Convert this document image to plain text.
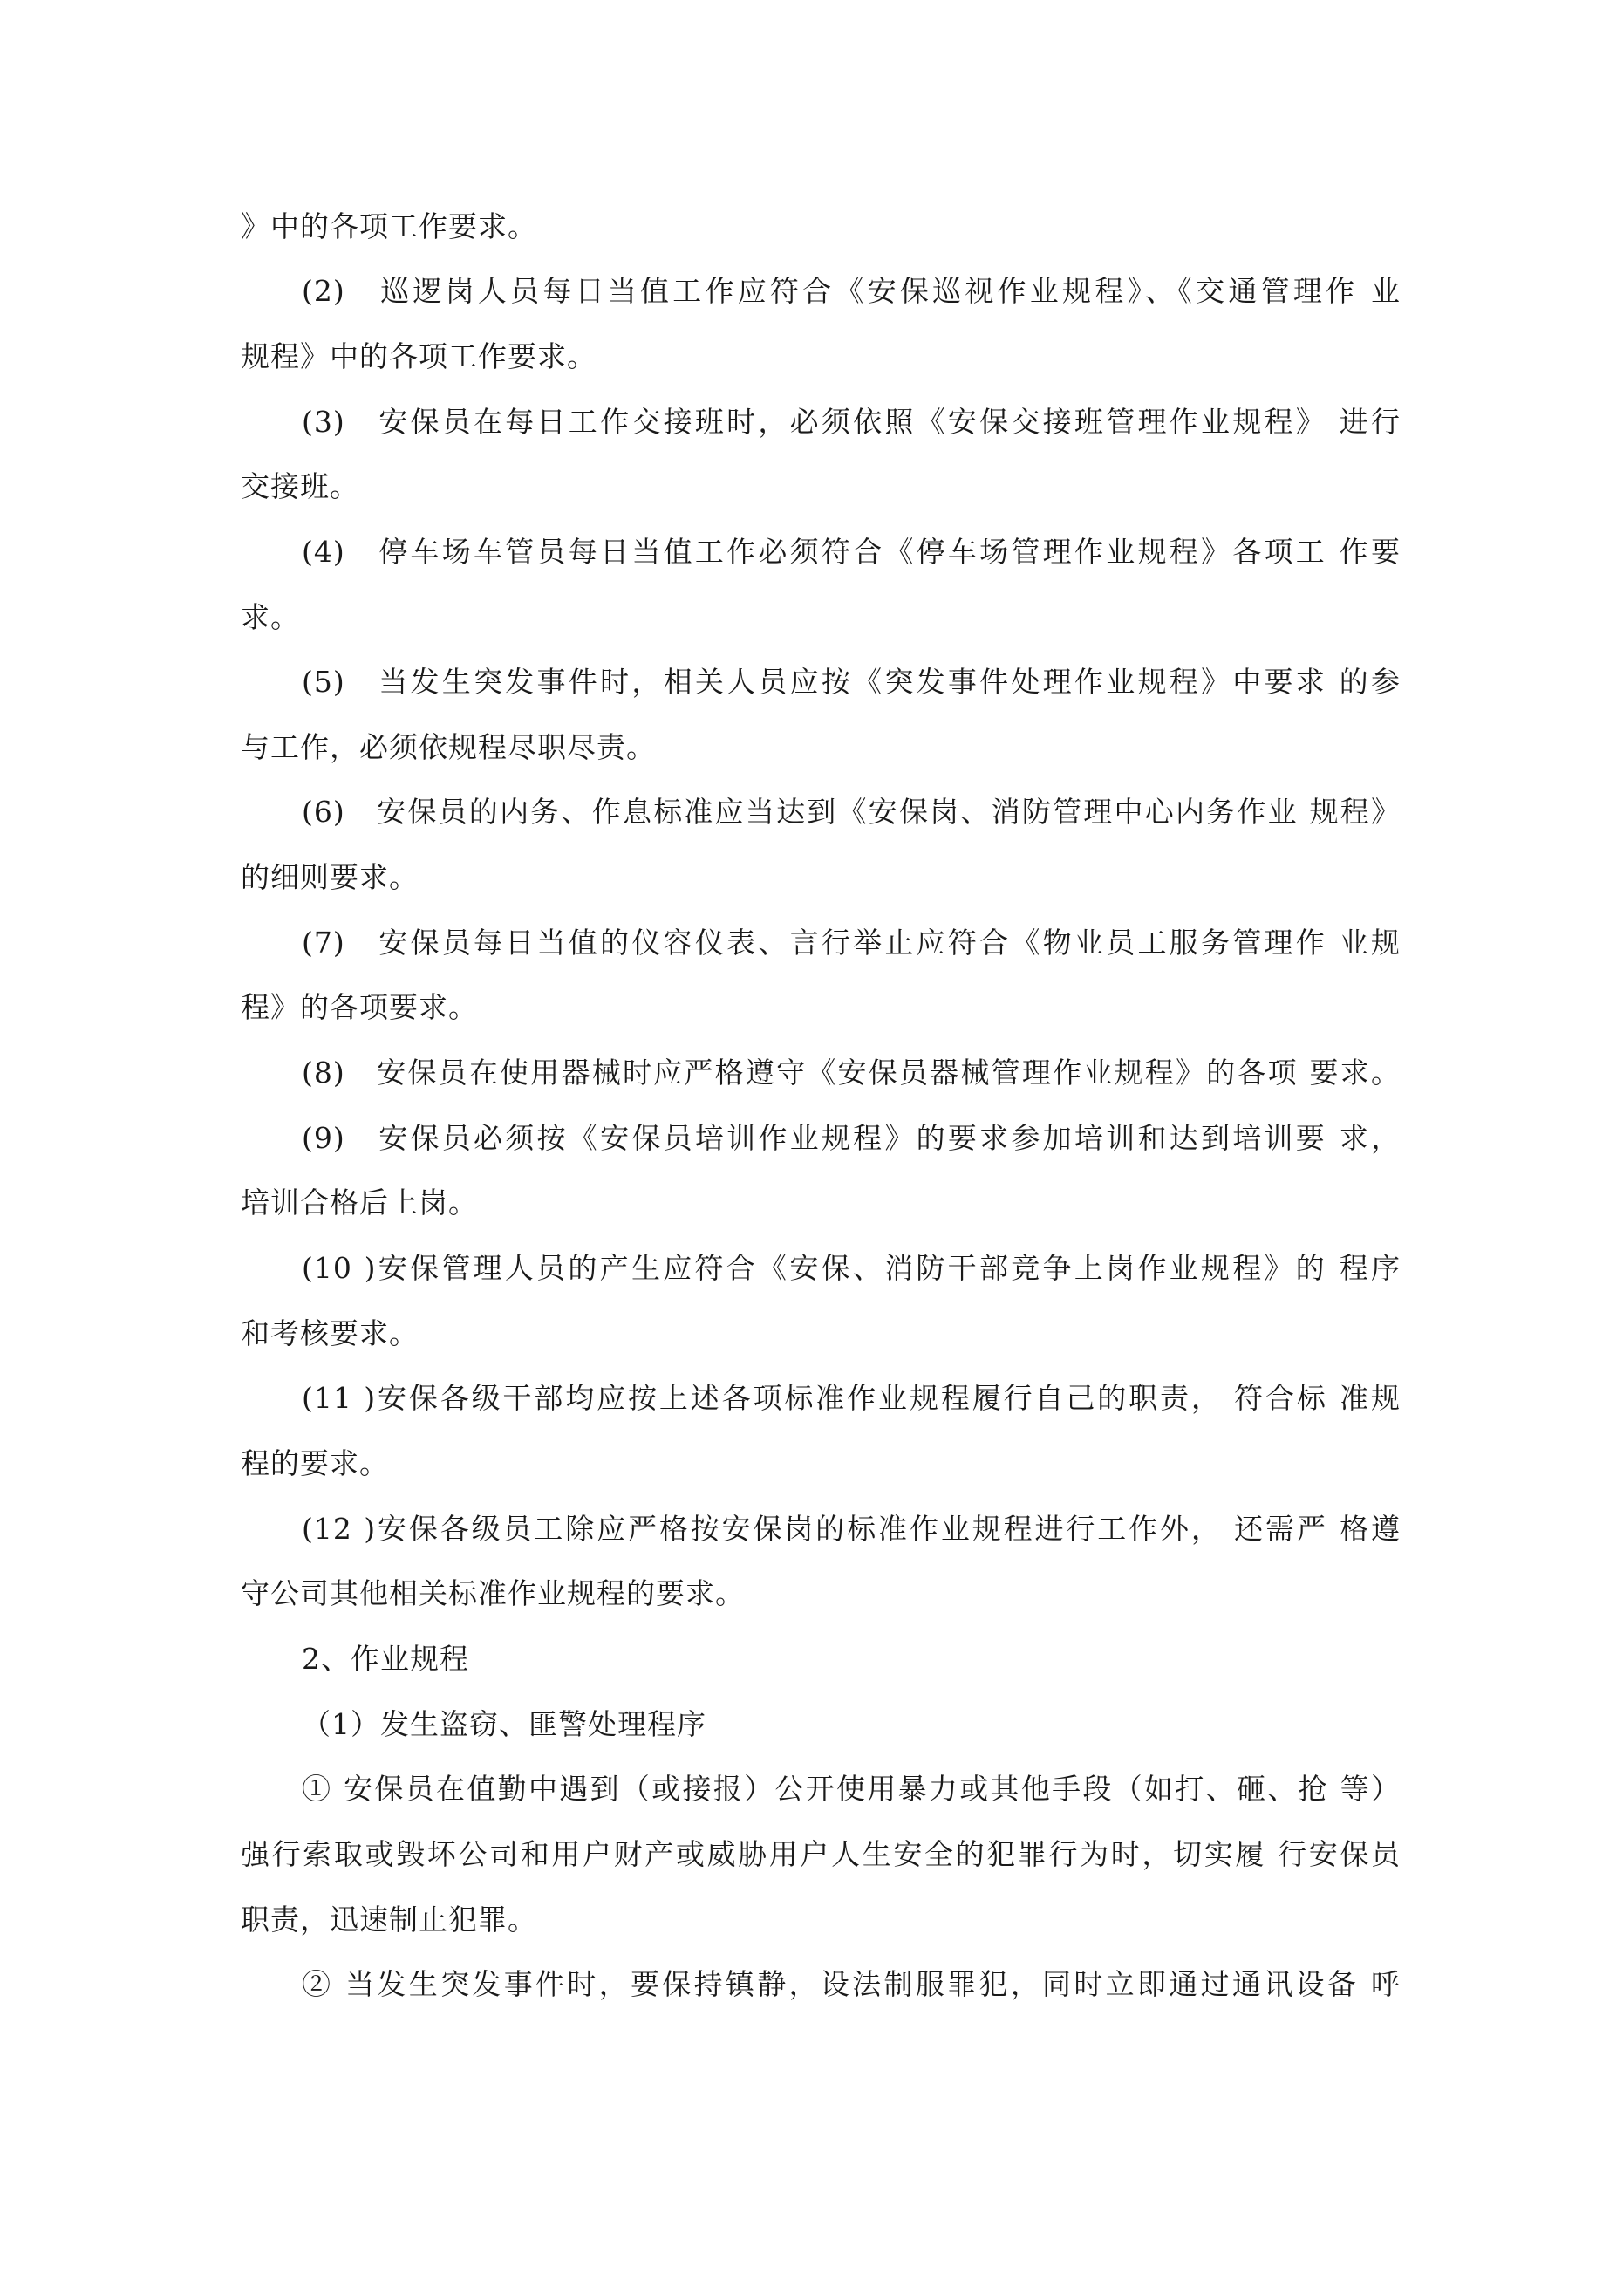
》中的各项工作要求。
(2)　巡逻岗人员每日当值工作应符合《安保巡视作业规程》、《交通管理作 业
规程》中的各项工作要求。
(3)　安保员在每日工作交接班时，必须依照《安保交接班管理作业规程》 进行
交接班。
(4)　停车场车管员每日当值工作必须符合《停车场管理作业规程》各项工 作要
求。
(5)　当发生突发事件时，相关人员应按《突发事件处理作业规程》中要求 的参
与工作，必须依规程尽职尽责。
(6)　安保员的内务、作息标准应当达到《安保岗、消防管理中心内务作业 规程》
的细则要求。
(7)　安保员每日当值的仪容仪表、言行举止应符合《物业员工服务管理作 业规
程》的各项要求。
(8)　安保员在使用器械时应严格遵守《安保员器械管理作业规程》的各项 要求。
(9)　安保员必须按《安保员培训作业规程》的要求参加培训和达到培训要 求，
培训合格后上岗。
(10 )安保管理人员的产生应符合《安保、消防干部竞争上岗作业规程》的 程序
和考核要求。
(11 )安保各级干部均应按上述各项标准作业规程履行自己的职责， 符合标 准规
程的要求。
(12 )安保各级员工除应严格按安保岗的标准作业规程进行工作外， 还需严 格遵
守公司其他相关标准作业规程的要求。
2、作业规程
（1）发生盗窃、匪警处理程序
① 安保员在值勤中遇到（或接报）公开使用暴力或其他手段（如打、砸、抢 等）
强行索取或毁坏公司和用户财产或威胁用户人生安全的犯罪行为时，切实履 行安保员
职责，迅速制止犯罪。
② 当发生突发事件时，要保持镇静，设法制服罪犯，同时立即通过通讯设备 呼
